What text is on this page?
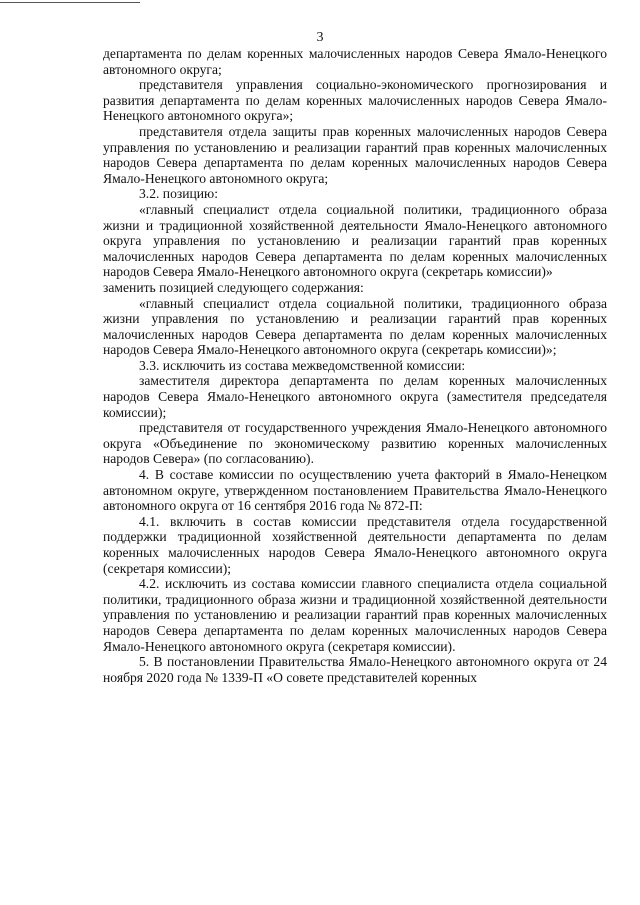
3

департамента по делам коренных малочисленных народов Севера Ямало-Ненецкого автономного округа;

представителя управления социально-экономического прогнозирования и развития департамента по делам коренных малочисленных народов Севера Ямало-Ненецкого автономного округа»;

представителя отдела защиты прав коренных малочисленных народов Севера управления по установлению и реализации гарантий прав коренных малочисленных народов Севера департамента по делам коренных малочисленных народов Севера Ямало-Ненецкого автономного округа;

3.2. позицию:

«главный специалист отдела социальной политики, традиционного образа жизни и традиционной хозяйственной деятельности Ямало-Ненецкого автономного округа управления по установлению и реализации гарантий прав коренных малочисленных народов Севера департамента по делам коренных малочисленных народов Севера Ямало-Ненецкого автономного округа (секретарь комиссии)»

заменить позицией следующего содержания:

«главный специалист отдела социальной политики, традиционного образа жизни управления по установлению и реализации гарантий прав коренных малочисленных народов Севера департамента по делам коренных малочисленных народов Севера Ямало-Ненецкого автономного округа (секретарь комиссии)»;

3.3. исключить из состава межведомственной комиссии:

заместителя директора департамента по делам коренных малочисленных народов Севера Ямало-Ненецкого автономного округа (заместителя председателя комиссии);

представителя от государственного учреждения Ямало-Ненецкого автономного округа «Объединение по экономическому развитию коренных малочисленных народов Севера» (по согласованию).

4. В составе комиссии по осуществлению учета факторий в Ямало-Ненецком автономном округе, утвержденном постановлением Правительства Ямало-Ненецкого автономного округа от 16 сентября 2016 года № 872-П:

4.1. включить в состав комиссии представителя отдела государственной поддержки традиционной хозяйственной деятельности департамента по делам коренных малочисленных народов Севера Ямало-Ненецкого автономного округа (секретаря комиссии);

4.2. исключить из состава комиссии главного специалиста отдела социальной политики, традиционного образа жизни и традиционной хозяйственной деятельности управления по установлению и реализации гарантий прав коренных малочисленных народов Севера департамента по делам коренных малочисленных народов Севера Ямало-Ненецкого автономного округа (секретаря комиссии).

5. В постановлении Правительства Ямало-Ненецкого автономного округа от 24 ноября 2020 года № 1339-П «О совете представителей коренных
